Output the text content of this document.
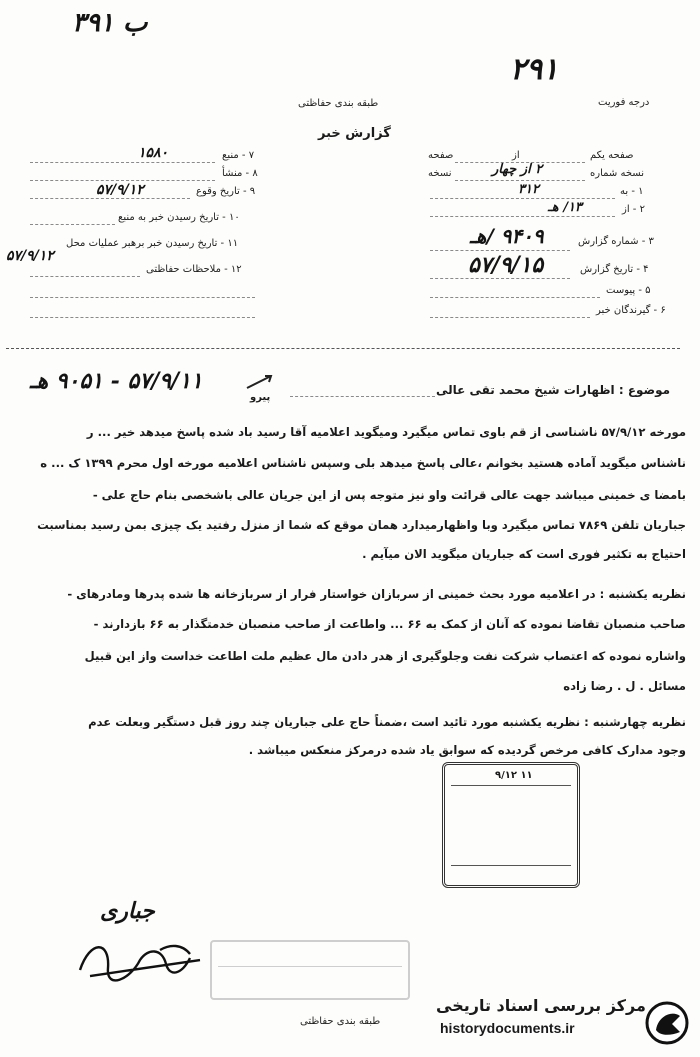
ب ۳۹۱
۲۹۱
درجه فوریت
طبقه بندی حفاظتی
گزارش خبر
صفحه یکم
از
صفحه
نسخه شماره
۲ از چهار
نسخه
۱ - به
۳۱۲
۲ - از
۱۳/ هـ
۳ - شماره گزارش
۹۴۰۹ /هـ
۴ - تاریخ گزارش
۵۷/۹/۱۵
۵ - پیوست
۶ - گیرندگان خبر
۷ - منبع
۱۵۸۰
۸ - منشأ
۹ - تاریخ وقوع
۵۷/۹/۱۲
۱۰ - تاریخ رسیدن خبر به منبع
۱۱ - تاریخ رسیدن خبر برهبر عملیات محل
۵۷/۹/۱۲
۱۲ - ملاحظات حفاظتی
۵۷/۹/۱۱ - ۹۰۵۱ هـ
پیرو
موضوع : اظهارات شیخ محمد تقی عالی
مورخه ۵۷/۹/۱۲ ناشناسی از قم باوی تماس میگیرد ومیگوید اعلامیه آقا رسید باد شده پاسخ میدهد خیر ... ر
ناشناس میگوید آماده هستید بخوانم ،عالی پاسخ میدهد بلی وسپس ناشناس اعلامیه مورخه اول محرم ۱۳۹۹ ک ... ه
بامضا ی خمینی میباشد جهت عالی قرائت واو نیز متوجه پس از این جریان عالی باشخصی بنام حاج علی -
جباریان تلفن ۷۸۶۹ تماس میگیرد وبا واظهارمیدارد همان موقع که شما از منزل رفتید یک چیزی بمن رسید بمناسبت
احتیاج به تکثیر فوری است که جباریان میگوید الان میآیم .
نظریه یکشنبه : در اعلامیه مورد بحث خمینی از سربازان خواستار فرار از سربازخانه ها شده پدرها ومادرهای -
صاحب منصبان تقاضا نموده که آنان از کمک به ۶۶ ... واطاعت از صاحب منصبان خدمتگذار به ۶۶ بازدارند -
واشاره نموده که اعتصاب شرکت نفت وجلوگیری از هدر دادن مال عظیم ملت اطاعت خداست واز این قبیل
مسائل . ل . رضا زاده
نظریه چهارشنبه : نظریه یکشنبه مورد تائید است ،ضمناً حاج علی جباریان چند روز قبل دستگیر وبعلت عدم
وجود مدارک کافی مرخص گردیده که سوابق یاد شده درمرکز منعکس میباشد .
۹/۱۲ ۱۱
جباری
طبقه بندی حفاظتی
مرکز بررسی اسناد تاریخی
historydocuments.ir
